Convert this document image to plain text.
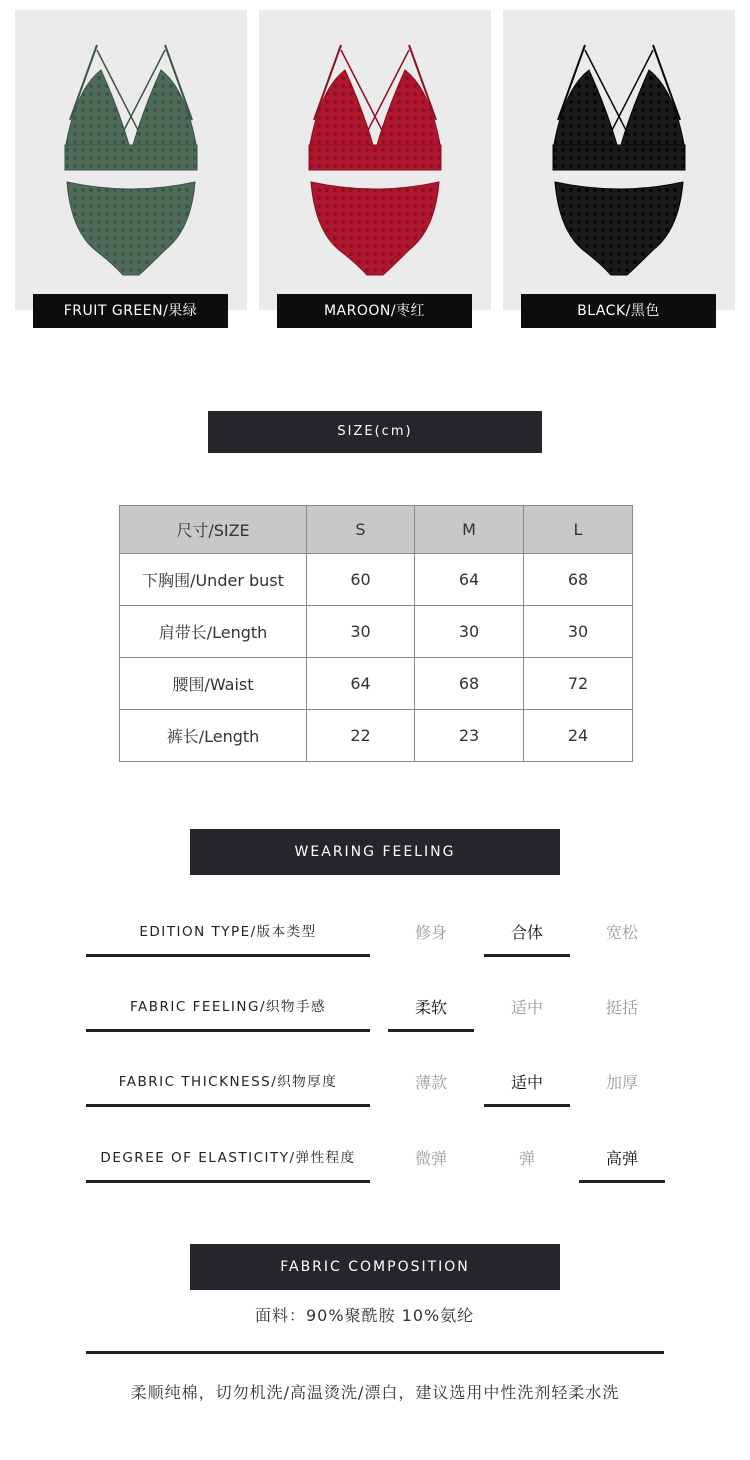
FRUIT GREEN/果绿	MAROON/枣红	BLACK/黑色
SIZE(cm)
尺寸/SIZE	S	M	L
下胸围/Under bust	60	64	68
肩带长/Length	30	30	30
腰围/Waist	64	68	72
裤长/Length	22	23	24
WEARING FEELING
EDITION TYPE/版本类型	修身	合体	宽松
FABRIC FEELING/织物手感	柔软	适中	挺括
FABRIC THICKNESS/织物厚度	薄款	适中	加厚
DEGREE OF ELASTICITY/弹性程度	微弹	弹	高弹
FABRIC COMPOSITION
面料：90%聚酰胺 10%氨纶
柔顺纯棉，切勿机洗/高温烫洗/漂白，建议选用中性洗剂轻柔水洗
